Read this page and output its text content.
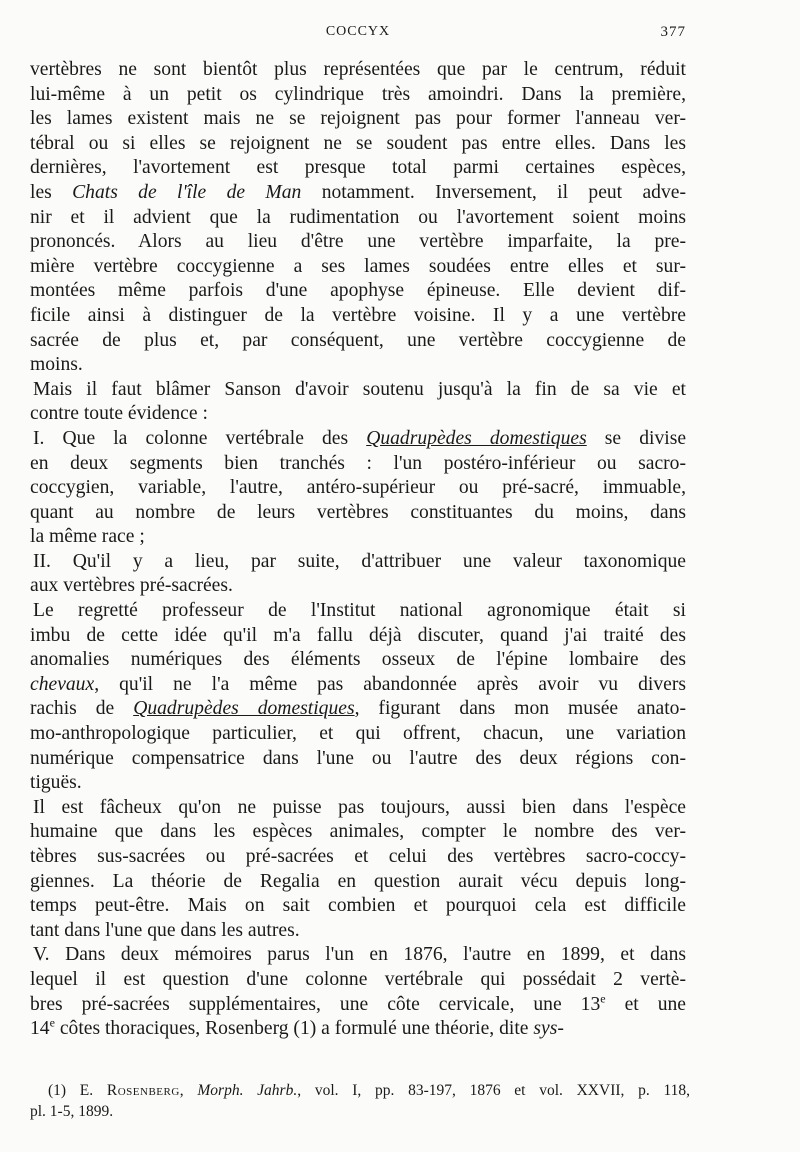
COCCYX	377

vertèbres ne sont bientôt plus représentées que par le centrum, réduit
lui-même à un petit os cylindrique très amoindri. Dans la première,
les lames existent mais ne se rejoignent pas pour former l'anneau ver-
tébral ou si elles se rejoignent ne se soudent pas entre elles. Dans les
dernières, l'avortement est presque total parmi certaines espèces,
les Chats de l'île de Man notamment. Inversement, il peut adve-
nir et il advient que la rudimentation ou l'avortement soient moins
prononcés. Alors au lieu d'être une vertèbre imparfaite, la pre-
mière vertèbre coccygienne a ses lames soudées entre elles et sur-
montées même parfois d'une apophyse épineuse. Elle devient dif-
ficile ainsi à distinguer de la vertèbre voisine. Il y a une vertèbre
sacrée de plus et, par conséquent, une vertèbre coccygienne de
moins.

Mais il faut blâmer Sanson d'avoir soutenu jusqu'à la fin de sa vie et
contre toute évidence :

I. Que la colonne vertébrale des Quadrupèdes domestiques se divise
en deux segments bien tranchés : l'un postéro-inférieur ou sacro-
coccygien, variable, l'autre, antéro-supérieur ou pré-sacré, immuable,
quant au nombre de leurs vertèbres constituantes du moins, dans
la même race ;

II. Qu'il y a lieu, par suite, d'attribuer une valeur taxonomique
aux vertèbres pré-sacrées.

Le regretté professeur de l'Institut national agronomique était si
imbu de cette idée qu'il m'a fallu déjà discuter, quand j'ai traité des
anomalies numériques des éléments osseux de l'épine lombaire des
chevaux, qu'il ne l'a même pas abandonnée après avoir vu divers
rachis de Quadrupèdes domestiques, figurant dans mon musée anato-
mo-anthropologique particulier, et qui offrent, chacun, une variation
numérique compensatrice dans l'une ou l'autre des deux régions con-
tiguës.

Il est fâcheux qu'on ne puisse pas toujours, aussi bien dans l'espèce
humaine que dans les espèces animales, compter le nombre des ver-
tèbres sus-sacrées ou pré-sacrées et celui des vertèbres sacro-coccy-
giennes. La théorie de Regalia en question aurait vécu depuis long-
temps peut-être. Mais on sait combien et pourquoi cela est difficile
tant dans l'une que dans les autres.

V. Dans deux mémoires parus l'un en 1876, l'autre en 1899, et dans
lequel il est question d'une colonne vertébrale qui possédait 2 vertè-
bres pré-sacrées supplémentaires, une côte cervicale, une 13e et une
14e côtes thoraciques, Rosenberg (1) a formulé une théorie, dite sys-

(1) E. Rosenberg, Morph. Jahrb., vol. I, pp. 83-197, 1876 et vol. XXVII, p. 118,
pl. 1-5, 1899.
